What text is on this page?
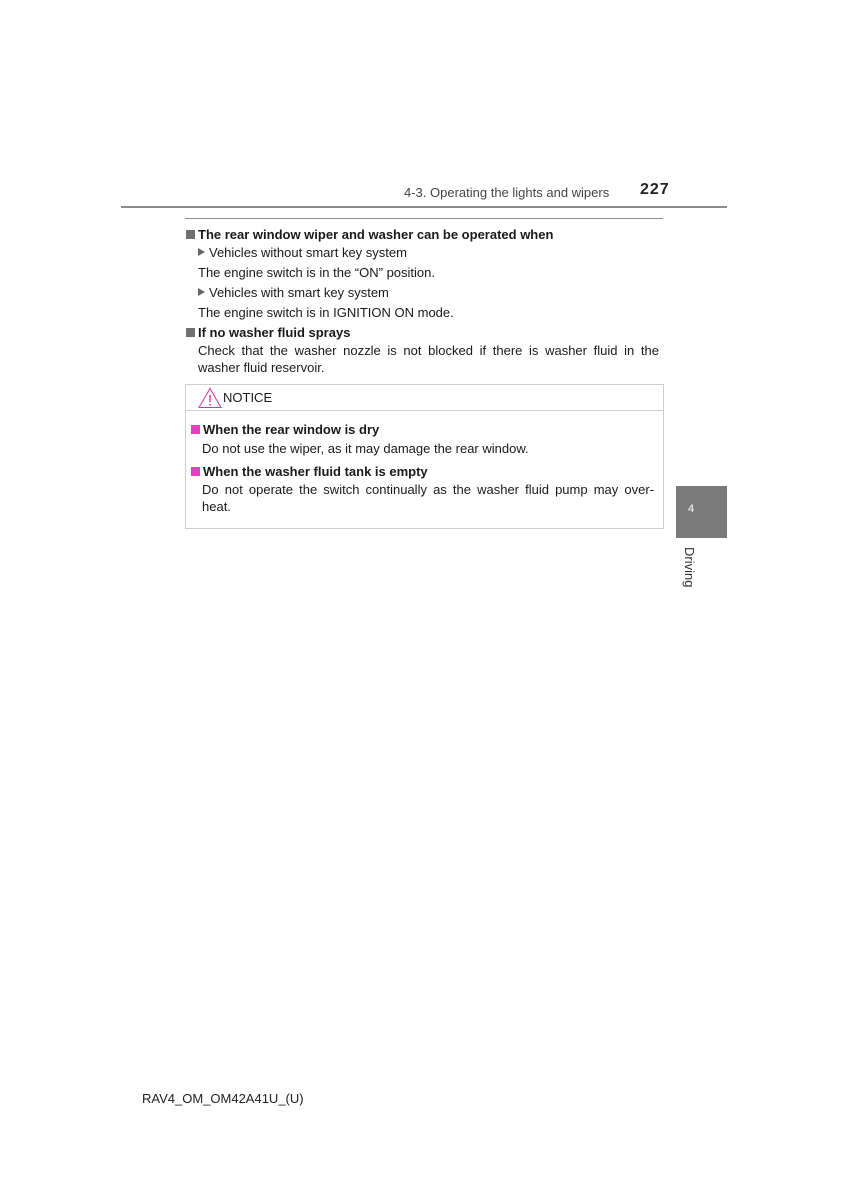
4-3. Operating the lights and wipers 227
The rear window wiper and washer can be operated when
Vehicles without smart key system
The engine switch is in the “ON” position.
Vehicles with smart key system
The engine switch is in IGNITION ON mode.
If no washer fluid sprays
Check that the washer nozzle is not blocked if there is washer fluid in the washer fluid reservoir.
NOTICE
When the rear window is dry
Do not use the wiper, as it may damage the rear window.
When the washer fluid tank is empty
Do not operate the switch continually as the washer fluid pump may over-
heat.	4
Driving
RAV4_OM_OM42A41U_(U)
